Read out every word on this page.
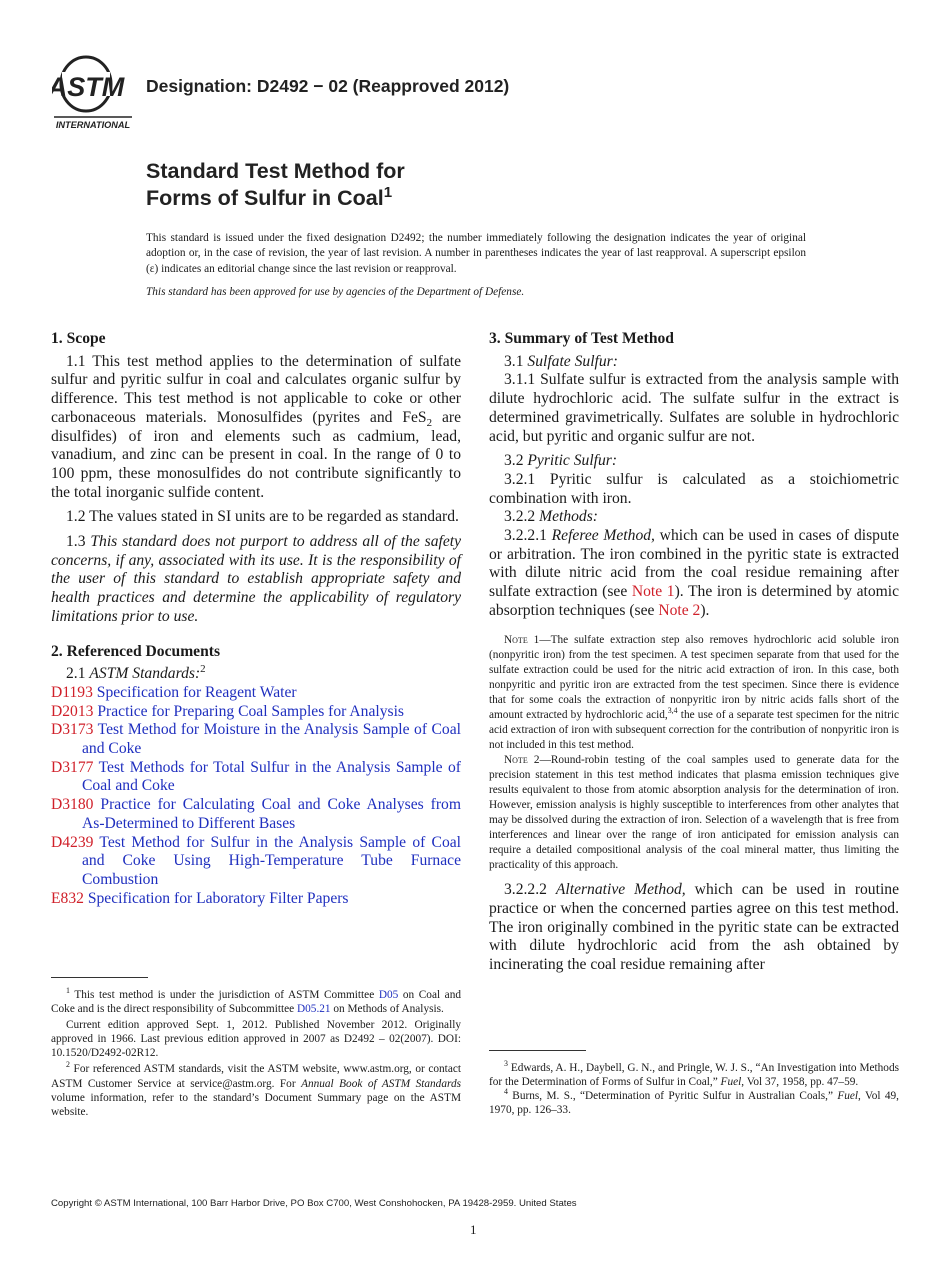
ASTM
INTERNATIONAL
Designation: D2492 − 02 (Reapproved 2012)
Standard Test Method for
Forms of Sulfur in Coal$^1$
This standard is issued under the fixed designation D2492; the number immediately following the designation indicates the year of original adoption or, in the case of revision, the year of last revision. A number in parentheses indicates the year of last reapproval. A superscript epsilon (ε) indicates an editorial change since the last revision or reapproval.
This standard has been approved for use by agencies of the Department of Defense.
1. Scope

1.1 This test method applies to the determination of sulfate sulfur and pyritic sulfur in coal and calculates organic sulfur by difference. This test method is not applicable to coke or other carbonaceous materials. Monosulfides (pyrites and FeS$_2$ are disulfides) of iron and elements such as cadmium, lead, vanadium, and zinc can be present in coal. In the range of 0 to 100 ppm, these monosulfides do not contribute significantly to the total inorganic sulfide content.

1.2 The values stated in SI units are to be regarded as standard.

1.3 This standard does not purport to address all of the safety concerns, if any, associated with its use. It is the responsibility of the user of this standard to establish appropriate safety and health practices and determine the applicability of regulatory limitations prior to use.

2. Referenced Documents

2.1 ASTM Standards:$^2$

D1193 Specification for Reagent Water

D2013 Practice for Preparing Coal Samples for Analysis

D3173 Test Method for Moisture in the Analysis Sample of Coal and Coke

D3177 Test Methods for Total Sulfur in the Analysis Sample of Coal and Coke

D3180 Practice for Calculating Coal and Coke Analyses from As-Determined to Different Bases

D4239 Test Method for Sulfur in the Analysis Sample of Coal and Coke Using High-Temperature Tube Furnace Combustion

E832 Specification for Laboratory Filter Papers

$^1$ This test method is under the jurisdiction of ASTM Committee D05 on Coal and Coke and is the direct responsibility of Subcommittee D05.21 on Methods of Analysis.

Current edition approved Sept. 1, 2012. Published November 2012. Originally approved in 1966. Last previous edition approved in 2007 as D2492 – 02(2007). DOI: 10.1520/D2492-02R12.

$^2$ For referenced ASTM standards, visit the ASTM website, www.astm.org, or contact ASTM Customer Service at service@astm.org. For Annual Book of ASTM Standards volume information, refer to the standard’s Document Summary page on the ASTM website.

3. Summary of Test Method

3.1 Sulfate Sulfur:

3.1.1 Sulfate sulfur is extracted from the analysis sample with dilute hydrochloric acid. The sulfate sulfur in the extract is determined gravimetrically. Sulfates are soluble in hydrochloric acid, but pyritic and organic sulfur are not.

3.2 Pyritic Sulfur:

3.2.1 Pyritic sulfur is calculated as a stoichiometric combination with iron.

3.2.2 Methods:

3.2.2.1 Referee Method, which can be used in cases of dispute or arbitration. The iron combined in the pyritic state is extracted with dilute nitric acid from the coal residue remaining after sulfate extraction (see Note 1). The iron is determined by atomic absorption techniques (see Note 2).

Note 1—The sulfate extraction step also removes hydrochloric acid soluble iron (nonpyritic iron) from the test specimen. A test specimen separate from that used for the sulfate extraction could be used for the nitric acid extraction of iron. In this case, both nonpyritic and pyritic iron are extracted from the test specimen. Since there is evidence that for some coals the extraction of nonpyritic iron by nitric acids falls short of the amount extracted by hydrochloric acid,$^{3,4}$ the use of a separate test specimen for the nitric acid extraction of iron with subsequent correction for the contribution of nonpyritic iron is not included in this test method.

Note 2—Round-robin testing of the coal samples used to generate data for the precision statement in this test method indicates that plasma emission techniques give results equivalent to those from atomic absorption analysis for the determination of iron. However, emission analysis is highly susceptible to interferences from other analytes that may be dissolved during the extraction of iron. Selection of a wavelength that is free from interferences and linear over the range of iron anticipated for emission analysis can require a detailed compositional analysis of the coal mineral matter, thus limiting the practicality of this approach.

3.2.2.2 Alternative Method, which can be used in routine practice or when the concerned parties agree on this test method. The iron originally combined in the pyritic state can be extracted with dilute hydrochloric acid from the ash obtained by incinerating the coal residue remaining after

$^3$ Edwards, A. H., Daybell, G. N., and Pringle, W. J. S., “An Investigation into Methods for the Determination of Forms of Sulfur in Coal,” Fuel, Vol 37, 1958, pp. 47–59.

$^4$ Burns, M. S., “Determination of Pyritic Sulfur in Australian Coals,” Fuel, Vol 49, 1970, pp. 126–33.

Copyright © ASTM International, 100 Barr Harbor Drive, PO Box C700, West Conshohocken, PA 19428-2959. United States
1
